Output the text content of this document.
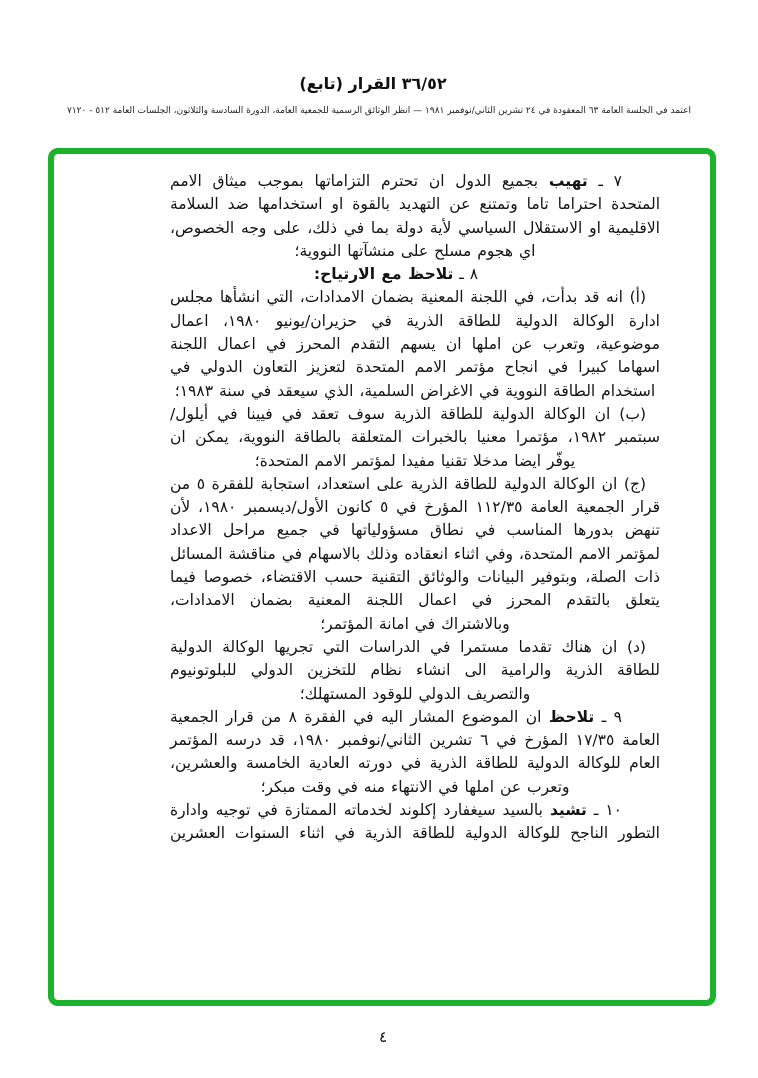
٣٦/٥٢ القرار (تابع)
اعتمد في الجلسة العامة ٦٣ المعقودة في ٢٤ تشرين الثاني/نوفمبر ١٩٨١ — انظر الوثائق الرسمية للجمعية العامة، الدورة السادسة والثلاثون، الجلسات العامة ٥١٢ - ٧١٢٠

٧ ـ تهيب بجميع الدول ان تحترم التزاماتها بموجب ميثاق الامم المتحدة احتراما تاما وتمتنع عن التهديد بالقوة او استخدامها ضد السلامة الاقليمية او الاستقلال السياسي لأية دولة بما في ذلك، على وجه الخصوص، اي هجوم مسلح على منشآتها النووية؛

٨ ـ تلاحظ مع الارتياح:

(أ) انه قد بدأت، في اللجنة المعنية بضمان الامدادات، التي انشأها مجلس ادارة الوكالة الدولية للطاقة الذرية في حزيران/يونيو ١٩٨٠، اعمال موضوعية، وتعرب عن املها ان يسهم التقدم المحرز في اعمال اللجنة اسهاما كبيرا في انجاح مؤتمر الامم المتحدة لتعزيز التعاون الدولي في استخدام الطاقة النووية في الاغراض السلمية، الذي سيعقد في سنة ١٩٨٣؛

(ب) ان الوكالة الدولية للطاقة الذرية سوف تعقد في فيينا في أيلول/سبتمبر ١٩٨٢، مؤتمرا معنيا بالخبرات المتعلقة بالطاقة النووية، يمكن ان يوفّر ايضا مدخلا تقنيا مفيدا لمؤتمر الامم المتحدة؛

(ج) ان الوكالة الدولية للطاقة الذرية على استعداد، استجابة للفقرة ٥ من قرار الجمعية العامة ١١٢/٣٥ المؤرخ في ٥ كانون الأول/ديسمبر ١٩٨٠، لأن تنهض بدورها المناسب في نطاق مسؤولياتها في جميع مراحل الاعداد لمؤتمر الامم المتحدة، وفي اثناء انعقاده وذلك بالاسهام في مناقشة المسائل ذات الصلة، وبتوفير البيانات والوثائق التقنية حسب الاقتضاء، خصوصا فيما يتعلق بالتقدم المحرز في اعمال اللجنة المعنية بضمان الامدادات، وبالاشتراك في امانة المؤتمر؛

(د) ان هناك تقدما مستمرا في الدراسات التي تجريها الوكالة الدولية للطاقة الذرية والرامية الى انشاء نظام للتخزين الدولي للبلوتونيوم والتصريف الدولي للوقود المستهلك؛

٩ ـ تلاحظ ان الموضوع المشار اليه في الفقرة ٨ من قرار الجمعية العامة ١٧/٣٥ المؤرخ في ٦ تشرين الثاني/نوفمبر ١٩٨٠، قد درسه المؤتمر العام للوكالة الدولية للطاقة الذرية في دورته العادية الخامسة والعشرين، وتعرب عن املها في الانتهاء منه في وقت مبكر؛

١٠ ـ تشيد بالسيد سيغفارد إكلوند لخدماته الممتازة في توجيه وادارة التطور الناجح للوكالة الدولية للطاقة الذرية في اثناء السنوات العشرين

٤
